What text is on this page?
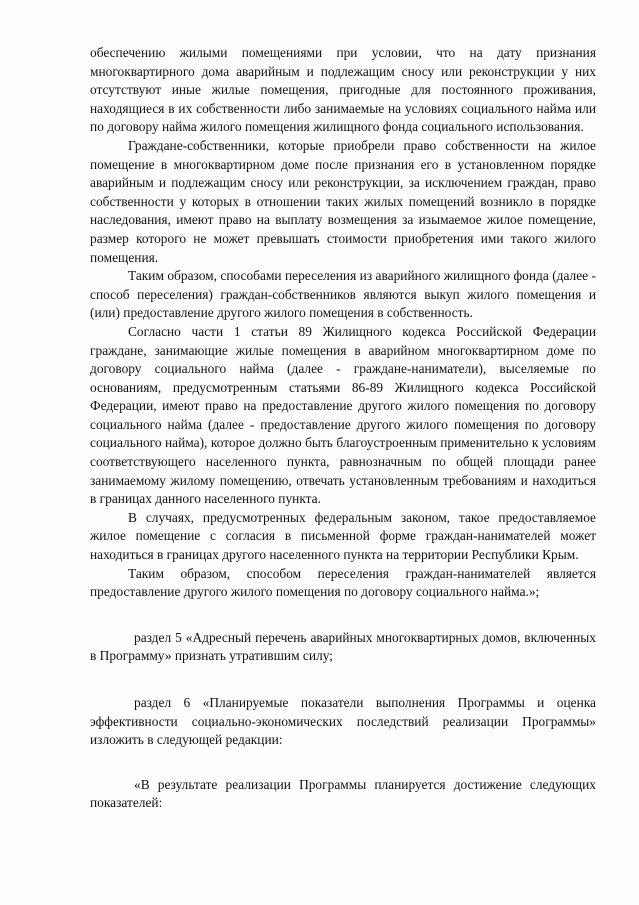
обеспечению жилыми помещениями при условии, что на дату признания многоквартирного дома аварийным и подлежащим сносу или реконструкции у них отсутствуют иные жилые помещения, пригодные для постоянного проживания, находящиеся в их собственности либо занимаемые на условиях социального найма или по договору найма жилого помещения жилищного фонда социального использования.

Граждане-собственники, которые приобрели право собственности на жилое помещение в многоквартирном доме после признания его в установленном порядке аварийным и подлежащим сносу или реконструкции, за исключением граждан, право собственности у которых в отношении таких жилых помещений возникло в порядке наследования, имеют право на выплату возмещения за изымаемое жилое помещение, размер которого не может превышать стоимости приобретения ими такого жилого помещения.

Таким образом, способами переселения из аварийного жилищного фонда (далее - способ переселения) граждан-собственников являются выкуп жилого помещения и (или) предоставление другого жилого помещения в собственность.

Согласно части 1 статьи 89 Жилищного кодекса Российской Федерации граждане, занимающие жилые помещения в аварийном многоквартирном доме по договору социального найма (далее - граждане-наниматели), выселяемые по основаниям, предусмотренным статьями 86-89 Жилищного кодекса Российской Федерации, имеют право на предоставление другого жилого помещения по договору социального найма (далее - предоставление другого жилого помещения по договору социального найма), которое должно быть благоустроенным применительно к условиям соответствующего населенного пункта, равнозначным по общей площади ранее занимаемому жилому помещению, отвечать установленным требованиям и находиться в границах данного населенного пункта.

В случаях, предусмотренных федеральным законом, такое предоставляемое жилое помещение с согласия в письменной форме граждан-нанимателей может находиться в границах другого населенного пункта на территории Республики Крым.

Таким образом, способом переселения граждан-нанимателей является предоставление другого жилого помещения по договору социального найма.»;

раздел 5 «Адресный перечень аварийных многоквартирных домов, включенных в Программу» признать утратившим силу;

раздел 6 «Планируемые показатели выполнения Программы и оценка эффективности социально-экономических последствий реализации Программы» изложить в следующей редакции:

«В результате реализации Программы планируется достижение следующих показателей:
